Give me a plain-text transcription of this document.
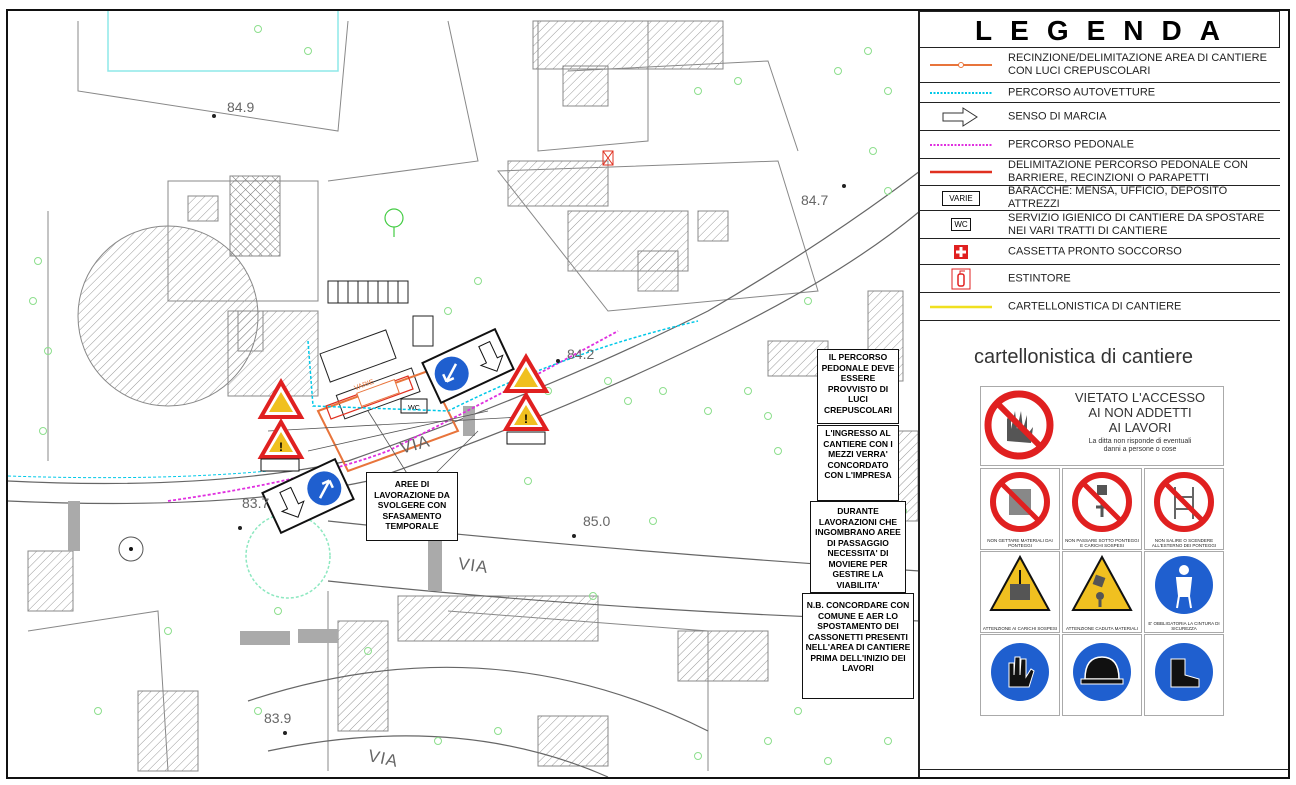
WC
!
!
84.9
84.7
84.2
85.0
83.9
83.7
VIA
VIA
VIA
VARIE
AREE DI LAVORAZIONE DA SVOLGERE CON SFASAMENTO TEMPORALE
IL PERCORSO PEDONALE DEVE ESSERE PROVVISTO DI LUCI CREPUSCOLARI
L'INGRESSO AL CANTIERE CON I MEZZI VERRA' CONCORDATO CON L'IMPRESA
DURANTE LAVORAZIONI CHE INGOMBRANO AREE DI PASSAGGIO NECESSITA' DI MOVIERE PER GESTIRE LA VIABILITA'
N.B. CONCORDARE CON COMUNE E AER LO SPOSTAMENTO DEI CASSONETTI PRESENTI NELL'AREA DI CANTIERE PRIMA DELL'INIZIO DEI LAVORI
LEGENDA
RECINZIONE/DELIMITAZIONE AREA DI CANTIERE CON LUCI CREPUSCOLARI
PERCORSO AUTOVETTURE
SENSO DI MARCIA
PERCORSO PEDONALE
DELIMITAZIONE PERCORSO PEDONALE CON BARRIERE, RECINZIONI O PARAPETTI
VARIE
BARACCHE: MENSA, UFFICIO, DEPOSITO ATTREZZI
WC
SERVIZIO IGIENICO DI CANTIERE DA SPOSTARE NEI VARI TRATTI DI CANTIERE
CASSETTA PRONTO SOCCORSO
ESTINTORE
CARTELLONISTICA DI CANTIERE
cartellonistica di cantiere
VIETATO L'ACCESSO
AI NON ADDETTI
AI LAVORI
La ditta non risponde di eventuali
danni a persone o cose
NON GETTARE MATERIALI DAI PONTEGGI
NON PASSARE SOTTO PONTEGGI E CARICHI SOSPESI
NON SALIRE O SCENDERE ALL'ESTERNO DEI PONTEGGI
ATTENZIONE AI CARICHI SOSPESI	ATTENZIONE CADUTA MATERIALI
E' OBBLIGATORIA LA CINTURA DI SICUREZZA
